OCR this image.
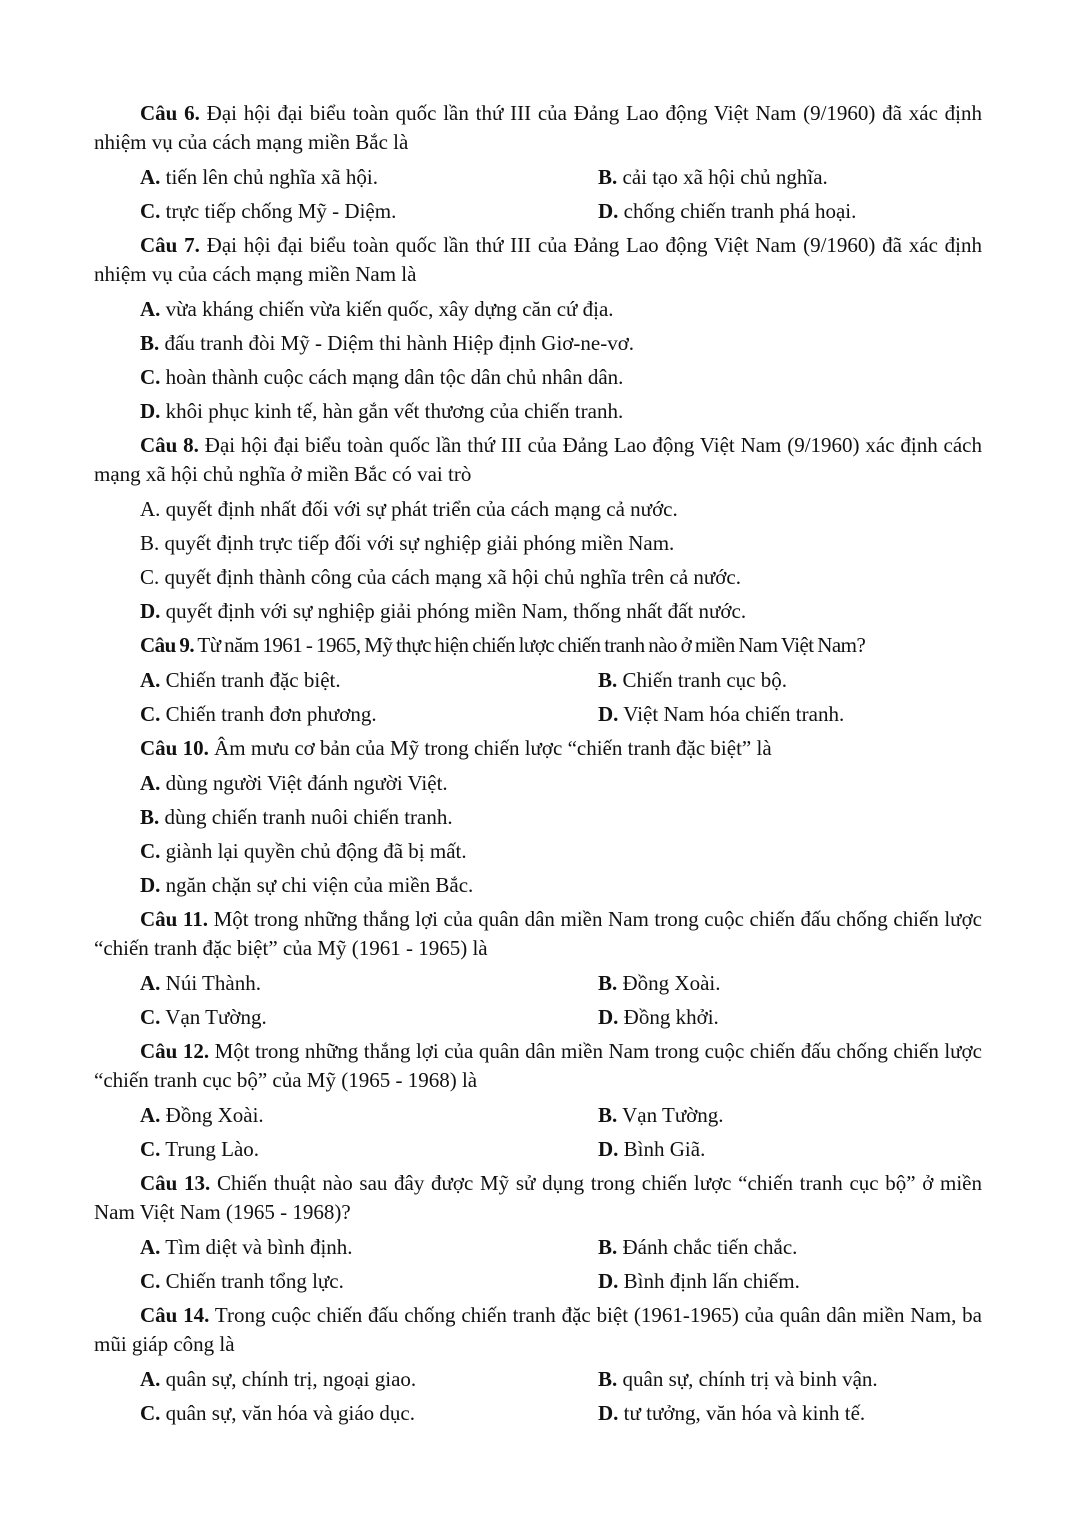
Câu 6. Đại hội đại biểu toàn quốc lần thứ III của Đảng Lao động Việt Nam (9/1960) đã xác định nhiệm vụ của cách mạng miền Bắc là

A. tiến lên chủ nghĩa xã hội.	B. cải tạo xã hội chủ nghĩa.
C. trực tiếp chống Mỹ - Diệm.	D. chống chiến tranh phá hoại.

Câu 7. Đại hội đại biểu toàn quốc lần thứ III của Đảng Lao động Việt Nam (9/1960) đã xác định nhiệm vụ của cách mạng miền Nam là

A. vừa kháng chiến vừa kiến quốc, xây dựng căn cứ địa.
B. đấu tranh đòi Mỹ - Diệm thi hành Hiệp định Giơ-ne-vơ.
C. hoàn thành cuộc cách mạng dân tộc dân chủ nhân dân.
D. khôi phục kinh tế, hàn gắn vết thương của chiến tranh.

Câu 8. Đại hội đại biểu toàn quốc lần thứ III của Đảng Lao động Việt Nam (9/1960) xác định cách mạng xã hội chủ nghĩa ở miền Bắc có vai trò

A. quyết định nhất đối với sự phát triển của cách mạng cả nước.
B. quyết định trực tiếp đối với sự nghiệp giải phóng miền Nam.
C. quyết định thành công của cách mạng xã hội chủ nghĩa trên cả nước.
D. quyết định với sự nghiệp giải phóng miền Nam, thống nhất đất nước.

Câu 9. Từ năm 1961 - 1965, Mỹ thực hiện chiến lược chiến tranh nào ở miền Nam Việt Nam?

A. Chiến tranh đặc biệt.	B. Chiến tranh cục bộ.
C. Chiến tranh đơn phương.	D. Việt Nam hóa chiến tranh.

Câu 10. Âm mưu cơ bản của Mỹ trong chiến lược “chiến tranh đặc biệt” là

A. dùng người Việt đánh người Việt.
B. dùng chiến tranh nuôi chiến tranh.
C. giành lại quyền chủ động đã bị mất.
D. ngăn chặn sự chi viện của miền Bắc.

Câu 11. Một trong những thắng lợi của quân dân miền Nam trong cuộc chiến đấu chống chiến lược “chiến tranh đặc biệt” của Mỹ (1961 - 1965) là

A. Núi Thành.	B. Đồng Xoài.
C. Vạn Tường.	D. Đồng khởi.

Câu 12. Một trong những thắng lợi của quân dân miền Nam trong cuộc chiến đấu chống chiến lược “chiến tranh cục bộ” của Mỹ (1965 - 1968) là

A. Đồng Xoài.	B. Vạn Tường.
C. Trung Lào.	D. Bình Giã.

Câu 13. Chiến thuật nào sau đây được Mỹ sử dụng trong chiến lược “chiến tranh cục bộ” ở miền Nam Việt Nam (1965 - 1968)?

A. Tìm diệt và bình định.	B. Đánh chắc tiến chắc.
C. Chiến tranh tổng lực.	D. Bình định lấn chiếm.

Câu 14. Trong cuộc chiến đấu chống chiến tranh đặc biệt (1961-1965) của quân dân miền Nam, ba mũi giáp công là

A. quân sự, chính trị, ngoại giao.	B. quân sự, chính trị và binh vận.
C. quân sự, văn hóa và giáo dục.	D. tư tưởng, văn hóa và kinh tế.
